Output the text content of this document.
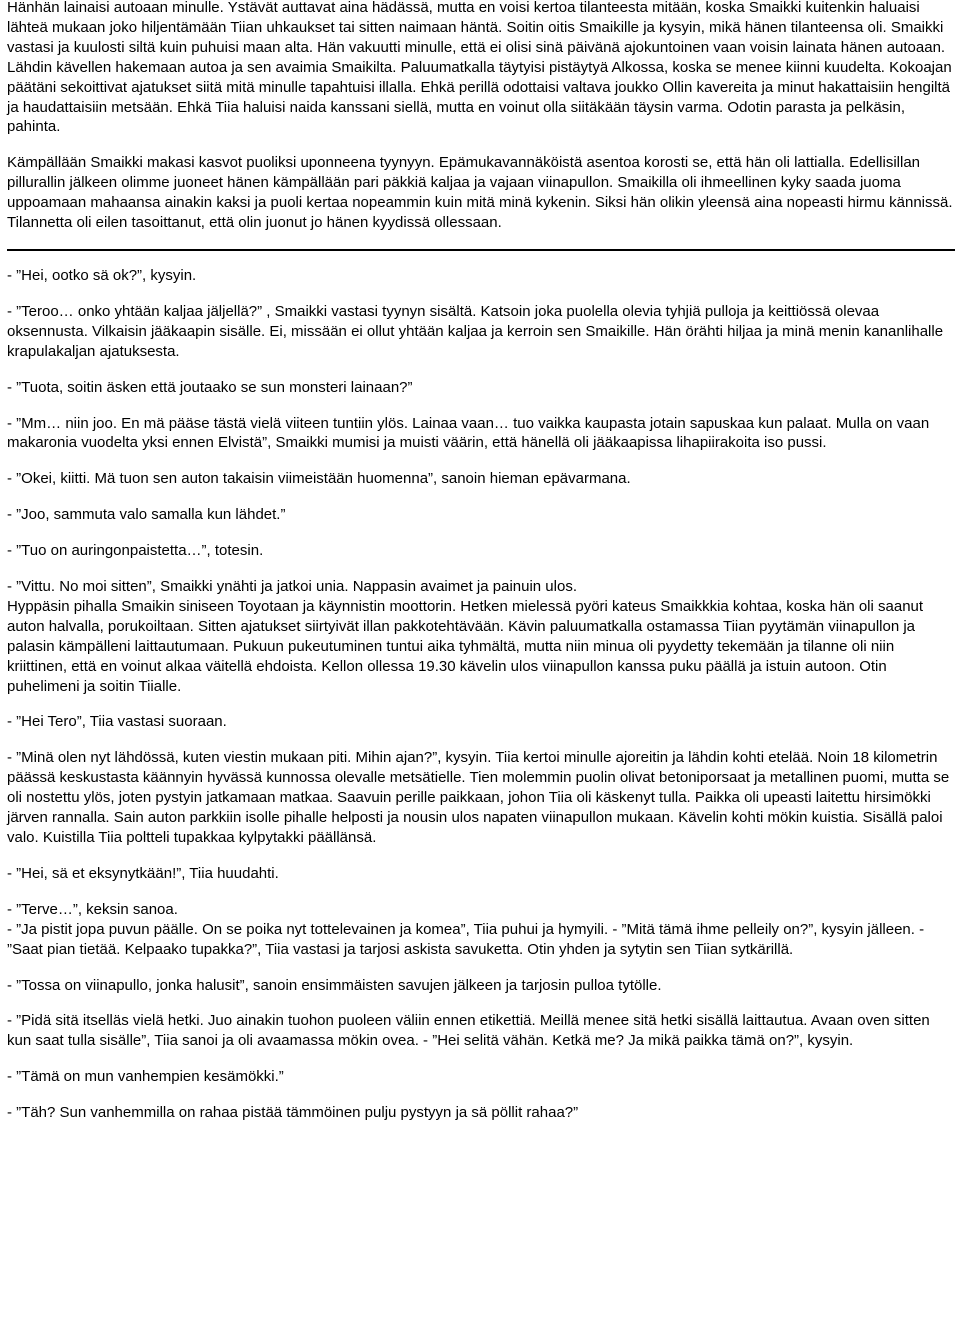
Hänhän lainaisi autoaan minulle. Ystävät auttavat aina hädässä, mutta en voisi kertoa tilanteesta mitään, koska Smaikki kuitenkin haluaisi lähteä mukaan joko hiljentämään Tiian uhkaukset tai sitten naimaan häntä. Soitin oitis Smaikille ja kysyin, mikä hänen tilanteensa oli. Smaikki vastasi ja kuulosti siltä kuin puhuisi maan alta. Hän vakuutti minulle, että ei olisi sinä päivänä ajokuntoinen vaan voisin lainata hänen autoaan. Lähdin kävellen hakemaan autoa ja sen avaimia Smaikilta. Paluumatkalla täytyisi pistäytyä Alkossa, koska se menee kiinni kuudelta. Kokoajan päätäni sekoittivat ajatukset siitä mitä minulle tapahtuisi illalla. Ehkä perillä odottaisi valtava joukko Ollin kavereita ja minut hakattaisiin hengiltä ja haudattaisiin metsään. Ehkä Tiia haluisi naida kanssani siellä, mutta en voinut olla siitäkään täysin varma. Odotin parasta ja pelkäsin, pahinta.

Kämpällään Smaikki makasi kasvot puoliksi uponneena tyynyyn. Epämukavannäköistä asentoa korosti se, että hän oli lattialla. Edellisillan pillurallin jälkeen olimme juoneet hänen kämpällään pari päkkiä kaljaa ja vajaan viinapullon. Smaikilla oli ihmeellinen kyky saada juoma uppoamaan mahaansa ainakin kaksi ja puoli kertaa nopeammin kuin mitä minä kykenin. Siksi hän olikin yleensä aina nopeasti hirmu kännissä. Tilannetta oli eilen tasoittanut, että olin juonut jo hänen kyydissä ollessaan.

- ”Hei, ootko sä ok?”, kysyin.

- ”Teroo… onko yhtään kaljaa jäljellä?” , Smaikki vastasi tyynyn sisältä. Katsoin joka puolella olevia tyhjiä pulloja ja keittiössä olevaa oksennusta. Vilkaisin jääkaapin sisälle. Ei, missään ei ollut yhtään kaljaa ja kerroin sen Smaikille. Hän örähti hiljaa ja minä menin kananlihalle krapulakaljan ajatuksesta.

- ”Tuota, soitin äsken että joutaako se sun monsteri lainaan?”

- ”Mm… niin joo. En mä pääse tästä vielä viiteen tuntiin ylös. Lainaa vaan… tuo vaikka kaupasta jotain sapuskaa kun palaat. Mulla on vaan makaronia vuodelta yksi ennen Elvistä”, Smaikki mumisi ja muisti väärin, että hänellä oli jääkaapissa lihapiirakoita iso pussi.

- ”Okei, kiitti. Mä tuon sen auton takaisin viimeistään huomenna”, sanoin hieman epävarmana.

- ”Joo, sammuta valo samalla kun lähdet.”

- ”Tuo on auringonpaistetta…”, totesin.

- ”Vittu. No moi sitten”, Smaikki ynähti ja jatkoi unia. Nappasin avaimet ja painuin ulos.

Hyppäsin pihalla Smaikin siniseen Toyotaan ja käynnistin moottorin. Hetken mielessä pyöri kateus Smaikkkia kohtaa, koska hän oli saanut auton halvalla, porukoiltaan. Sitten ajatukset siirtyivät illan pakkotehtävään. Kävin paluumatkalla ostamassa Tiian pyytämän viinapullon ja palasin kämpälleni laittautumaan. Pukuun pukeutuminen tuntui aika tyhmältä, mutta niin minua oli pyydetty tekemään ja tilanne oli niin kriittinen, että en voinut alkaa väitellä ehdoista. Kellon ollessa 19.30 kävelin ulos viinapullon kanssa puku päällä ja istuin autoon. Otin puhelimeni ja soitin Tiialle.

- ”Hei Tero”, Tiia vastasi suoraan.

- ”Minä olen nyt lähdössä, kuten viestin mukaan piti. Mihin ajan?”, kysyin. Tiia kertoi minulle ajoreitin ja lähdin kohti etelää. Noin 18 kilometrin päässä keskustasta käännyin hyvässä kunnossa olevalle metsätielle. Tien molemmin puolin olivat betoniporsaat ja metallinen puomi, mutta se oli nostettu ylös, joten pystyin jatkamaan matkaa. Saavuin perille paikkaan, johon Tiia oli käskenyt tulla. Paikka oli upeasti laitettu hirsimökki järven rannalla. Sain auton parkkiin isolle pihalle helposti ja nousin ulos napaten viinapullon mukaan. Kävelin kohti mökin kuistia. Sisällä paloi valo. Kuistilla Tiia poltteli tupakkaa kylpytakki päällänsä.

- ”Hei, sä et eksynytkään!”, Tiia huudahti.

- ”Terve…”, keksin sanoa.

- ”Ja pistit jopa puvun päälle. On se poika nyt tottelevainen ja komea”, Tiia puhui ja hymyili. - ”Mitä tämä ihme pelleily on?”, kysyin jälleen. - ”Saat pian tietää. Kelpaako tupakka?”, Tiia vastasi ja tarjosi askista savuketta. Otin yhden ja sytytin sen Tiian sytkärillä.

- ”Tossa on viinapullo, jonka halusit”, sanoin ensimmäisten savujen jälkeen ja tarjosin pulloa tytölle.

- ”Pidä sitä itselläs vielä hetki. Juo ainakin tuohon puoleen väliin ennen etikettiä. Meillä menee sitä hetki sisällä laittautua. Avaan oven sitten kun saat tulla sisälle”, Tiia sanoi ja oli avaamassa mökin ovea. - ”Hei selitä vähän. Ketkä me? Ja mikä paikka tämä on?”, kysyin.

- ”Tämä on mun vanhempien kesämökki.”

- ”Täh? Sun vanhemmilla on rahaa pistää tämmöinen pulju pystyyn ja sä pöllit rahaa?”
